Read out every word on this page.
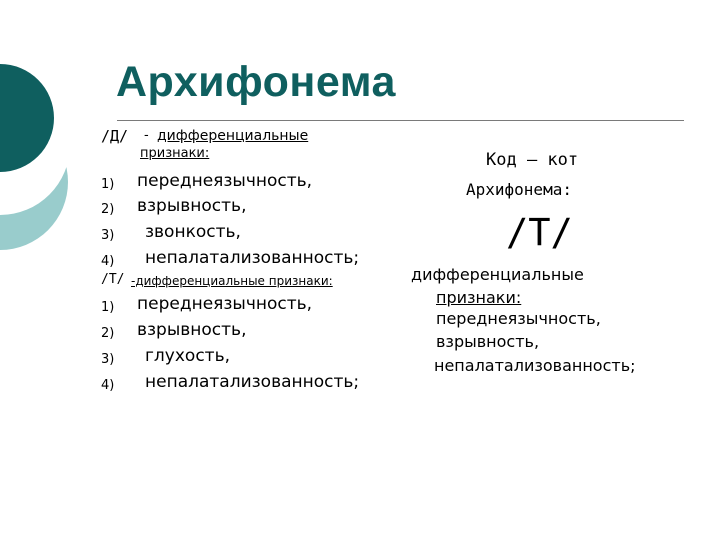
Архифонема
/Д/ - дифференциальные
признаки:
1) переднеязычность,
2) взрывность,
3) звонкость,
4) непалатализованность;
/Т/ -дифференциальные признаки:
1) переднеязычность,
2) взрывность,
3) глухость,
4) непалатализованность;
Код – кот
Архифонема:
/Т/
дифференциальные
признаки:
переднеязычность,
взрывность,
непалатализованность;
